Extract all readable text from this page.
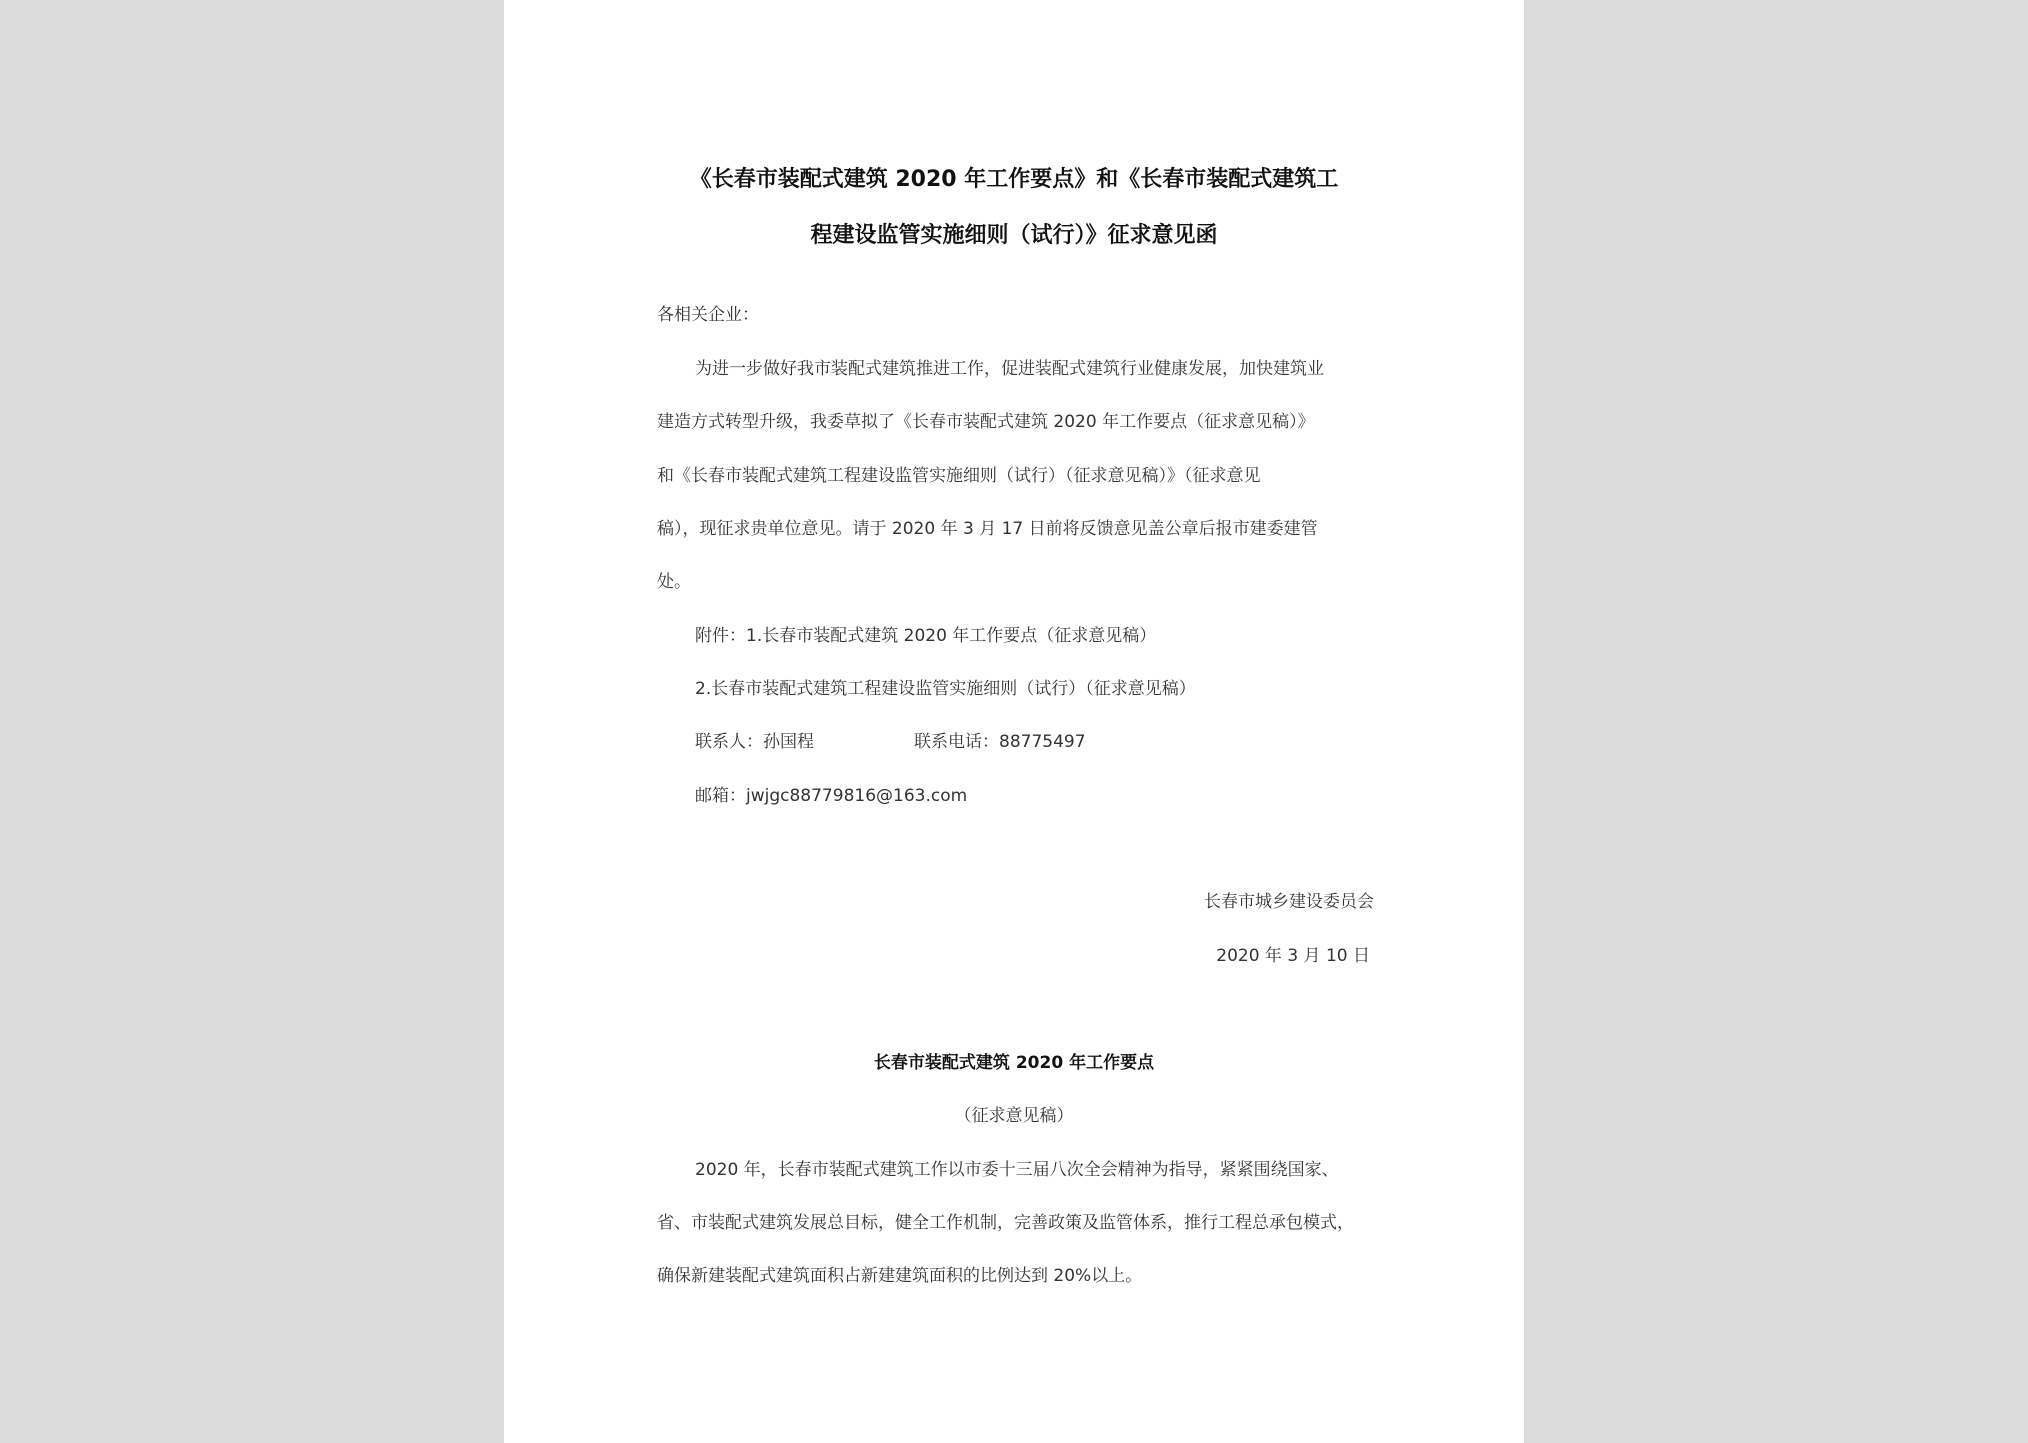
《长春市装配式建筑 2020 年工作要点》和《长春市装配式建筑工
程建设监管实施细则（试行）》征求意见函
各相关企业：
为进一步做好我市装配式建筑推进工作，促进装配式建筑行业健康发展，加快建筑业
建造方式转型升级，我委草拟了《长春市装配式建筑 2020 年工作要点（征求意见稿）》
和《长春市装配式建筑工程建设监管实施细则（试行）（征求意见稿）》（征求意见
稿），现征求贵单位意见。请于 2020 年 3 月 17 日前将反馈意见盖公章后报市建委建管
处。
附件：1.长春市装配式建筑 2020 年工作要点（征求意见稿）
2.长春市装配式建筑工程建设监管实施细则（试行）（征求意见稿）
联系人：孙国程	联系电话：88775497
邮箱：jwjgc88779816@163.com
长春市城乡建设委员会
2020 年 3 月 10 日
长春市装配式建筑 2020 年工作要点
（征求意见稿）
2020 年，长春市装配式建筑工作以市委十三届八次全会精神为指导，紧紧围绕国家、
省、市装配式建筑发展总目标，健全工作机制，完善政策及监管体系，推行工程总承包模式，
确保新建装配式建筑面积占新建建筑面积的比例达到 20%以上。
